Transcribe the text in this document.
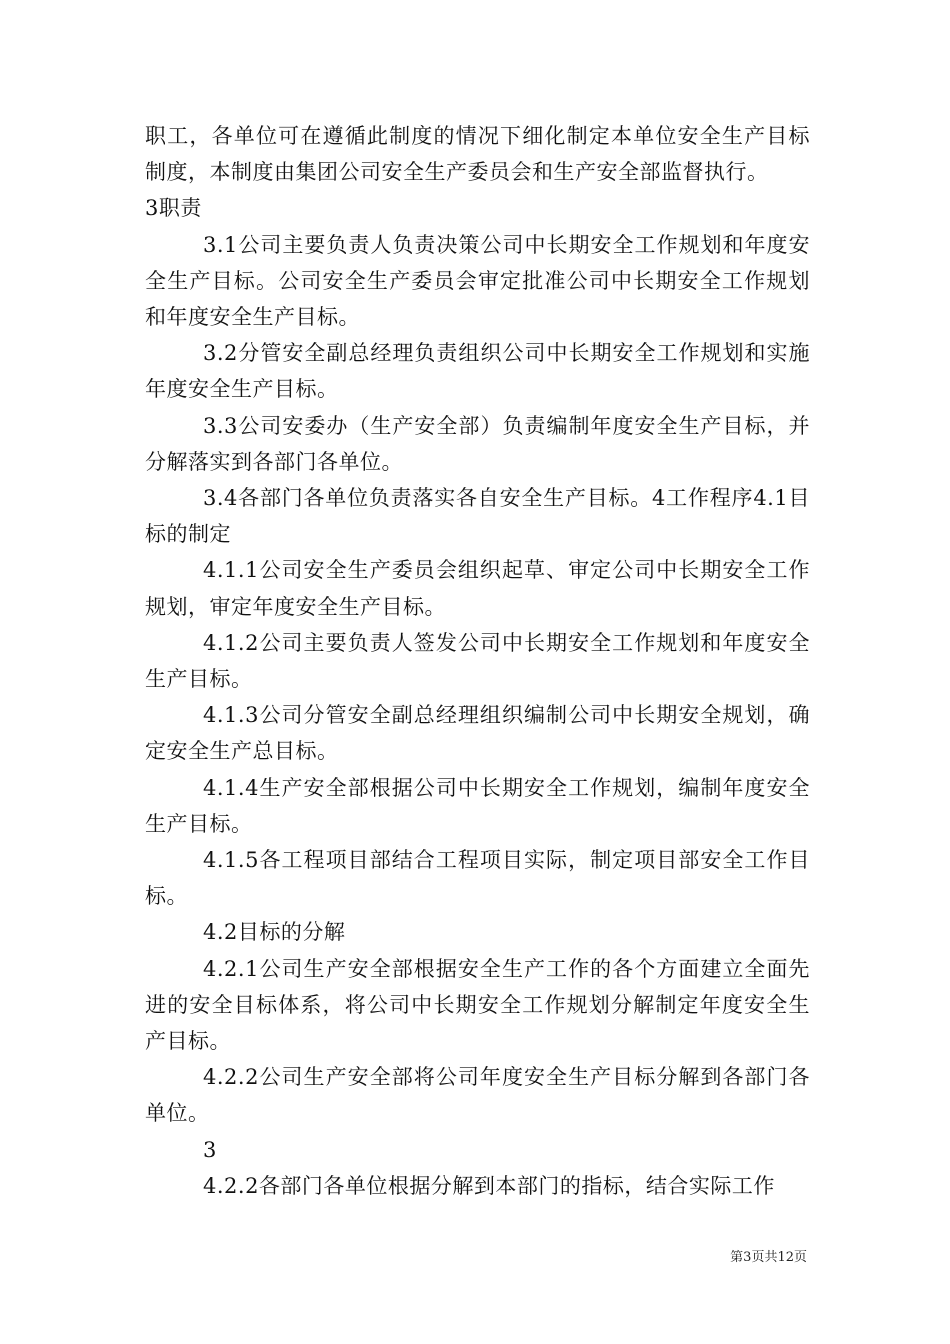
职工，各单位可在遵循此制度的情况下细化制定本单位安全生产目标制度，本制度由集团公司安全生产委员会和生产安全部监督执行。

3职责

3.1公司主要负责人负责决策公司中长期安全工作规划和年度安全生产目标。公司安全生产委员会审定批准公司中长期安全工作规划和年度安全生产目标。

3.2分管安全副总经理负责组织公司中长期安全工作规划和实施年度安全生产目标。

3.3公司安委办（生产安全部）负责编制年度安全生产目标，并分解落实到各部门各单位。

3.4各部门各单位负责落实各自安全生产目标。4工作程序4.1目标的制定

4.1.1公司安全生产委员会组织起草、审定公司中长期安全工作规划，审定年度安全生产目标。

4.1.2公司主要负责人签发公司中长期安全工作规划和年度安全生产目标。

4.1.3公司分管安全副总经理组织编制公司中长期安全规划，确定安全生产总目标。

4.1.4生产安全部根据公司中长期安全工作规划，编制年度安全生产目标。

4.1.5各工程项目部结合工程项目实际，制定项目部安全工作目标。

4.2目标的分解

4.2.1公司生产安全部根据安全生产工作的各个方面建立全面先进的安全目标体系，将公司中长期安全工作规划分解制定年度安全生产目标。

4.2.2公司生产安全部将公司年度安全生产目标分解到各部门各单位。

3

4.2.2各部门各单位根据分解到本部门的指标，结合实际工作

第3页共12页
